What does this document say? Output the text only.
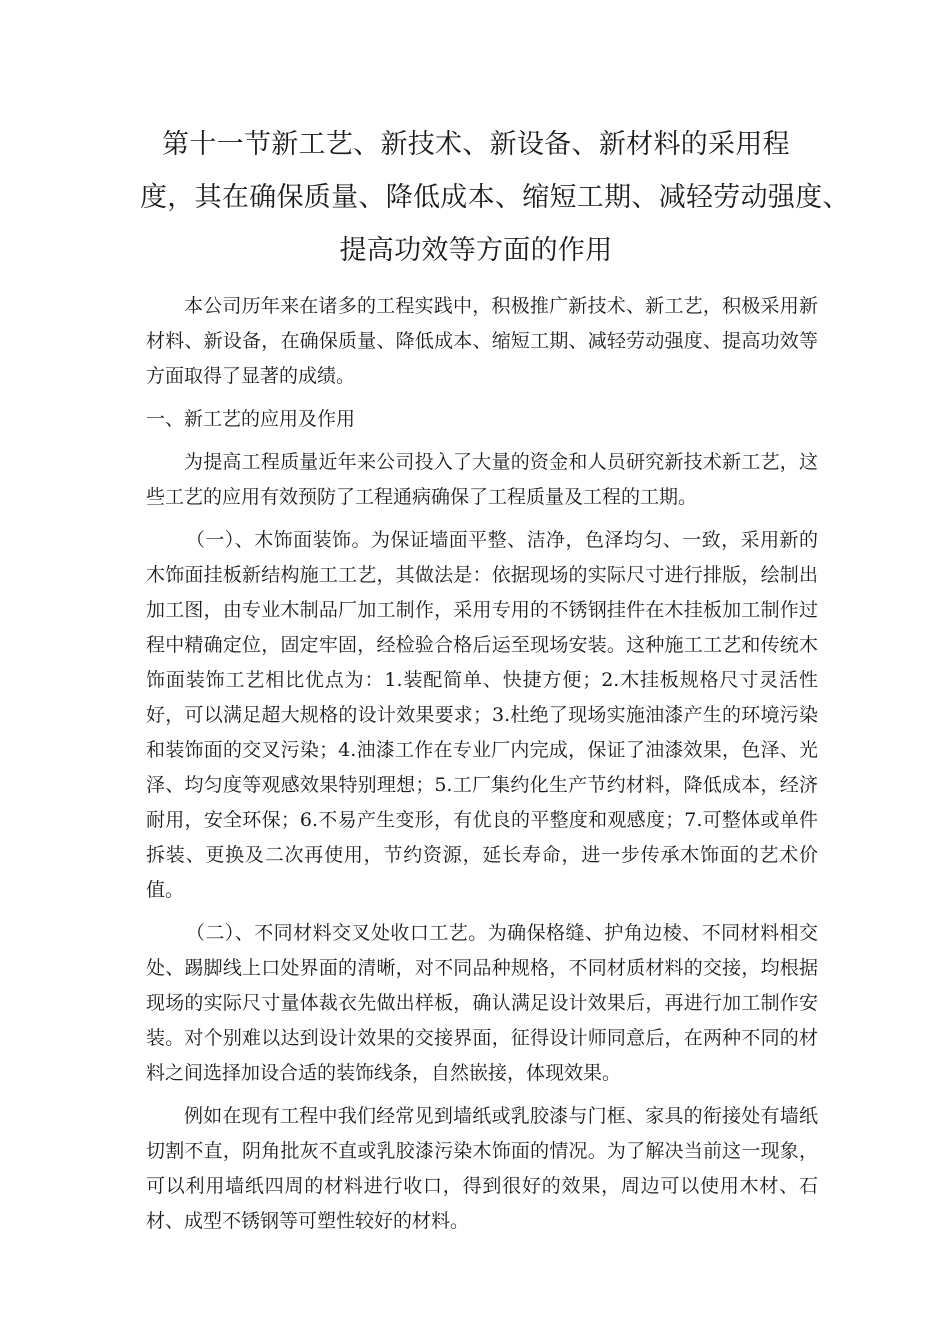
第十一节新工艺、新技术、新设备、新材料的采用程
度，其在确保质量、降低成本、缩短工期、减轻劳动强度、
提高功效等方面的作用

本公司历年来在诸多的工程实践中，积极推广新技术、新工艺，积极采用新材料、新设备，在确保质量、降低成本、缩短工期、减轻劳动强度、提高功效等方面取得了显著的成绩。

一、新工艺的应用及作用

为提高工程质量近年来公司投入了大量的资金和人员研究新技术新工艺，这些工艺的应用有效预防了工程通病确保了工程质量及工程的工期。

（一）、木饰面装饰。为保证墙面平整、洁净，色泽均匀、一致，采用新的木饰面挂板新结构施工工艺，其做法是：依据现场的实际尺寸进行排版，绘制出加工图，由专业木制品厂加工制作，采用专用的不锈钢挂件在木挂板加工制作过程中精确定位，固定牢固，经检验合格后运至现场安装。这种施工工艺和传统木饰面装饰工艺相比优点为：1.装配简单、快捷方便；2.木挂板规格尺寸灵活性好，可以满足超大规格的设计效果要求；3.杜绝了现场实施油漆产生的环境污染和装饰面的交叉污染；4.油漆工作在专业厂内完成，保证了油漆效果，色泽、光泽、均匀度等观感效果特别理想；5.工厂集约化生产节约材料，降低成本，经济耐用，安全环保；6.不易产生变形，有优良的平整度和观感度；7.可整体或单件拆装、更换及二次再使用，节约资源，延长寿命，进一步传承木饰面的艺术价值。

（二）、不同材料交叉处收口工艺。为确保格缝、护角边棱、不同材料相交处、踢脚线上口处界面的清晰，对不同品种规格，不同材质材料的交接，均根据现场的实际尺寸量体裁衣先做出样板，确认满足设计效果后，再进行加工制作安装。对个别难以达到设计效果的交接界面，征得设计师同意后，在两种不同的材料之间选择加设合适的装饰线条，自然嵌接，体现效果。

例如在现有工程中我们经常见到墙纸或乳胶漆与门框、家具的衔接处有墙纸切割不直，阴角批灰不直或乳胶漆污染木饰面的情况。为了解决当前这一现象，可以利用墙纸四周的材料进行收口，得到很好的效果，周边可以使用木材、石材、成型不锈钢等可塑性较好的材料。
